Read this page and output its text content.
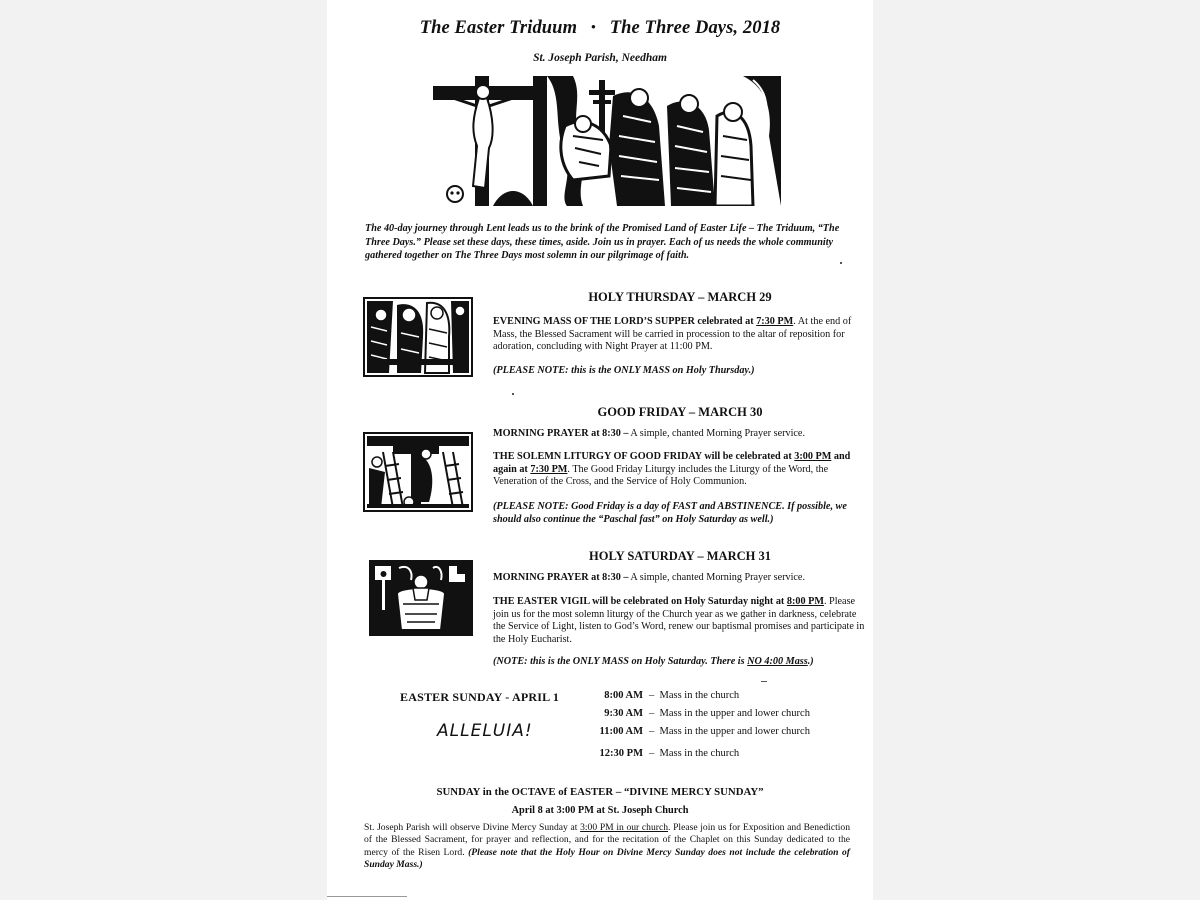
The Easter Triduum • The Three Days, 2018
St. Joseph Parish, Needham
The 40-day journey through Lent leads us to the brink of the Promised Land of Easter Life – The Triduum, “The Three Days.” Please set these days, these times, aside. Join us in prayer. Each of us needs the whole community gathered together on The Three Days most solemn in our pilgrimage of faith.
HOLY THURSDAY – MARCH 29
EVENING MASS OF THE LORD’S SUPPER celebrated at 7:30 PM. At the end of Mass, the Blessed Sacrament will be carried in procession to the altar of reposition for adoration, concluding with Night Prayer at 11:00 PM.
(PLEASE NOTE: this is the ONLY MASS on Holy Thursday.)
GOOD FRIDAY – MARCH 30
MORNING PRAYER at 8:30 – A simple, chanted Morning Prayer service.
THE SOLEMN LITURGY OF GOOD FRIDAY will be celebrated at 3:00 PM and again at 7:30 PM. The Good Friday Liturgy includes the Liturgy of the Word, the Veneration of the Cross, and the Service of Holy Communion.
(PLEASE NOTE: Good Friday is a day of FAST and ABSTINENCE. If possible, we should also continue the “Paschal fast” on Holy Saturday as well.)
HOLY SATURDAY – MARCH 31
MORNING PRAYER at 8:30 – A simple, chanted Morning Prayer service.
THE EASTER VIGIL will be celebrated on Holy Saturday night at 8:00 PM. Please join us for the most solemn liturgy of the Church year as we gather in darkness, celebrate the Service of Light, listen to God’s Word, renew our baptismal promises and participate in the Holy Eucharist.
(NOTE: this is the ONLY MASS on Holy Saturday. There is NO 4:00 Mass.)
EASTER SUNDAY - APRIL 1
ALLELUIA!
8:00 AM – Mass in the church
9:30 AM – Mass in the upper and lower church
11:00 AM – Mass in the upper and lower church
12:30 PM – Mass in the church
SUNDAY in the OCTAVE of EASTER – “DIVINE MERCY SUNDAY”
April 8 at 3:00 PM at St. Joseph Church
St. Joseph Parish will observe Divine Mercy Sunday at 3:00 PM in our church. Please join us for Exposition and Benediction of the Blessed Sacrament, for prayer and reflection, and for the recitation of the Chaplet on this Sunday dedicated to the mercy of the Risen Lord. (Please note that the Holy Hour on Divine Mercy Sunday does not include the celebration of Sunday Mass.)
